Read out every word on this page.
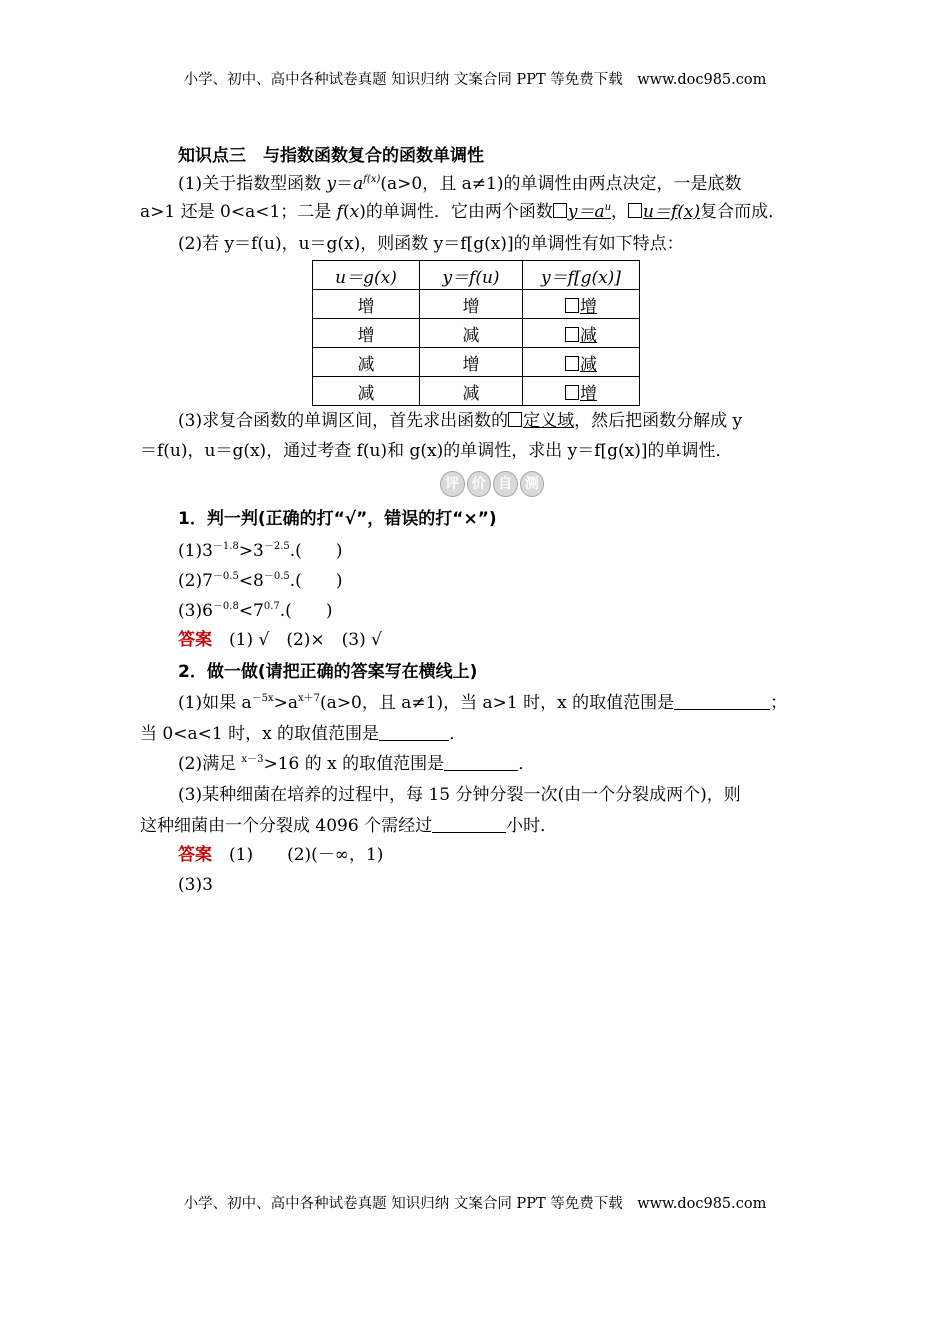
小学、初中、高中各种试卷真题 知识归纳 文案合同 PPT 等免费下载　www.doc985.com
知识点三　与指数函数复合的函数单调性
(1)关于指数型函数 $y=a^{f(x)}(a>0$，且 a≠1)的单调性由两点决定，一是底数
a>1 还是 0<a<1；二是 f(x)的单调性．它由两个函数 $y=a^u$， u＝f(x)复合而成．
(2)若 y＝f(u)，u＝g(x)，则函数 y＝f[g(x)]的单调性有如下特点：
u＝g(x)	y＝f(u)	y＝f[g(x)]
增	增	增
增	减	减
减	增	减
减	减	增
(3)求复合函数的单调区间，首先求出函数的 定义域，然后把函数分解成 y
＝f(u)，u＝g(x)，通过考查 f(u)和 g(x)的单调性，求出 y＝f[g(x)]的单调性．
评 价 自 测
1．判一判(正确的打“√”，错误的打“×”)
$(1)3^{-1.8}>3^{-2.5}$.(　　)
$(2)7^{-0.5}<8^{-0.5}$.(　　)
$(3)6^{-0.8}<7^{0.7}$.(　　)
答案　 (1) √　(2)×　(3) √
2．做一做(请把正确的答案写在横线上)
(1)如果 $a^{-5x}>a^{x+7}(a>0$，且 a≠1)，当 a>1 时，x 的取值范围是	；
当 0<a<1 时，x 的取值范围是	．
(2)满足 $^{x-3}$>16 的 x 的取值范围是	．
(3)某种细菌在培养的过程中，每 15 分钟分裂一次(由一个分裂成两个)，则
这种细菌由一个分裂成 4096 个需经过	小时．
答案　 (1)　　(2)(－∞，1)
(3)3
小学、初中、高中各种试卷真题 知识归纳 文案合同 PPT 等免费下载　www.doc985.com
